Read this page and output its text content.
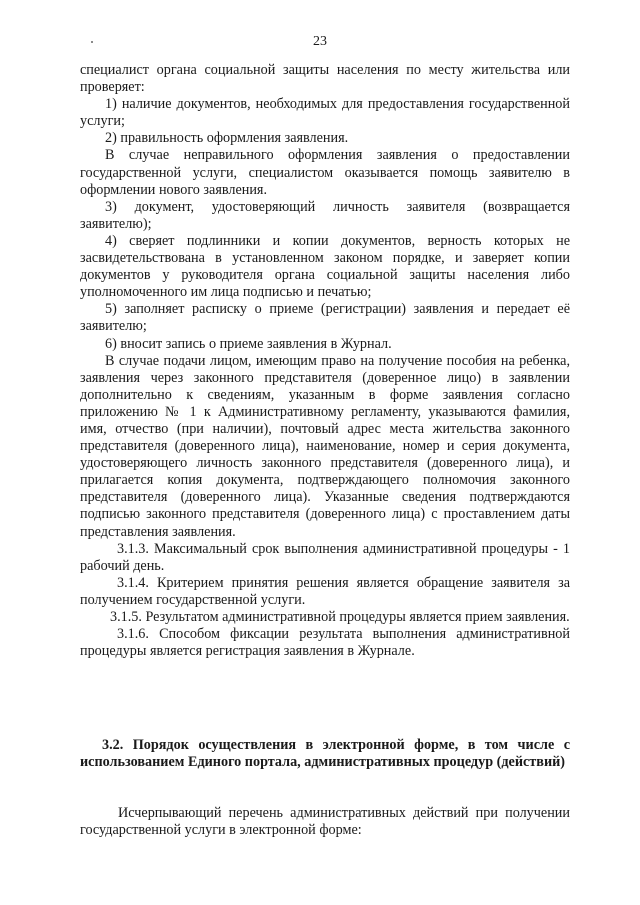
23

специалист органа социальной защиты населения по месту жительства или проверяет:

1) наличие документов, необходимых для предоставления государственной услуги;

2) правильность оформления заявления.

В случае неправильного оформления заявления о предоставлении государственной услуги, специалистом оказывается помощь заявителю в оформлении нового заявления.

3) документ, удостоверяющий личность заявителя (возвращается заявителю);

4) сверяет подлинники и копии документов, верность которых не засвидетельствована в установленном законом порядке, и заверяет копии документов у руководителя органа социальной защиты населения либо уполномоченного им лица подписью и печатью;

5) заполняет расписку о приеме (регистрации) заявления и передает её заявителю;

6) вносит запись о приеме заявления в Журнал.

В случае подачи лицом, имеющим право на получение пособия на ребенка, заявления через законного представителя (доверенное лицо) в заявлении дополнительно к сведениям, указанным в форме заявления согласно приложению № 1 к Административному регламенту, указываются фамилия, имя, отчество (при наличии), почтовый адрес места жительства законного представителя (доверенного лица), наименование, номер и серия документа, удостоверяющего личность законного представителя (доверенного лица), и прилагается копия документа, подтверждающего полномочия законного представителя (доверенного лица). Указанные сведения подтверждаются подписью законного представителя (доверенного лица) с проставлением даты представления заявления.

3.1.3. Максимальный срок выполнения административной процедуры - 1 рабочий день.

3.1.4. Критерием принятия решения является обращение заявителя за получением государственной услуги.

3.1.5. Результатом административной процедуры является прием заявления.

3.1.6. Способом фиксации результата выполнения административной процедуры является регистрация заявления в Журнале.

3.2. Порядок осуществления в электронной форме, в том числе с использованием Единого портала, административных процедур (действий)

Исчерпывающий перечень административных действий при получении государственной услуги в электронной форме:
